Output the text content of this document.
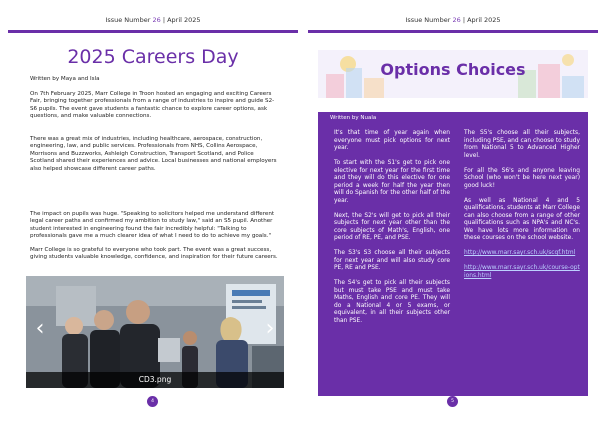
Issue Number 26 | April 2025
2025 Careers Day
Written by Maya and Isla
On 7th February 2025, Marr College in Troon hosted an engaging and exciting Careers Fair, bringing together professionals from a range of industries to inspire and guide S2-S6 pupils. The event gave students a fantastic chance to explore career options, ask questions, and make valuable connections.
There was a great mix of industries, including healthcare, aerospace, construction, engineering, law, and public services. Professionals from NHS, Collins Aerospace, Morrisons and Buzzworks, Ashleigh Construction, Transport Scotland, and Police Scotland shared their experiences and advice. Local businesses and national employers also helped showcase different career paths.
The impact on pupils was huge. "Speaking to solicitors helped me understand different legal career paths and confirmed my ambition to study law," said an S5 pupil. Another student interested in engineering found the fair incredibly helpful: "Talking to professionals gave me a much clearer idea of what I need to do to achieve my goals."
Marr College is so grateful to everyone who took part. The event was a great success, giving students valuable knowledge, confidence, and inspiration for their future careers.
‹	›
CD3.png
4
Issue Number 26 | April 2025
Options Choices
Written by Nuala

It's that time of year again when everyone must pick options for next year.

To start with the S1's get to pick one elective for next year for the first time and they will do this elective for one period a week for half the year then will do Spanish for the other half of the year.

Next, the S2's will get to pick all their subjects for next year other than the core subjects of Math's, English, one period of RE, PE, and PSE.

The S3's S3 choose all their subjects for next year and will also study core PE, RE and PSE.

The S4's get to pick all their subjects but must take PSE and must take Maths, English and core PE. They will do a National 4 or 5 exams, or equivalent, in all their subjects other than PSE.

The S5's choose all their subjects, including PSE, and can choose to study from National 5 to Advanced Higher level.

For all the S6's and anyone leaving School (who won't be here next year) good luck!

As well as National 4 and 5 qualifications, students at Marr College can also choose from a range of other qualifications such as NPA's and NC's. We have lots more information on these courses on the school website.

http://www.marr.sayr.sch.uk/scqf.html
http://www.marr.sayr.sch.uk/course-options.html
5
